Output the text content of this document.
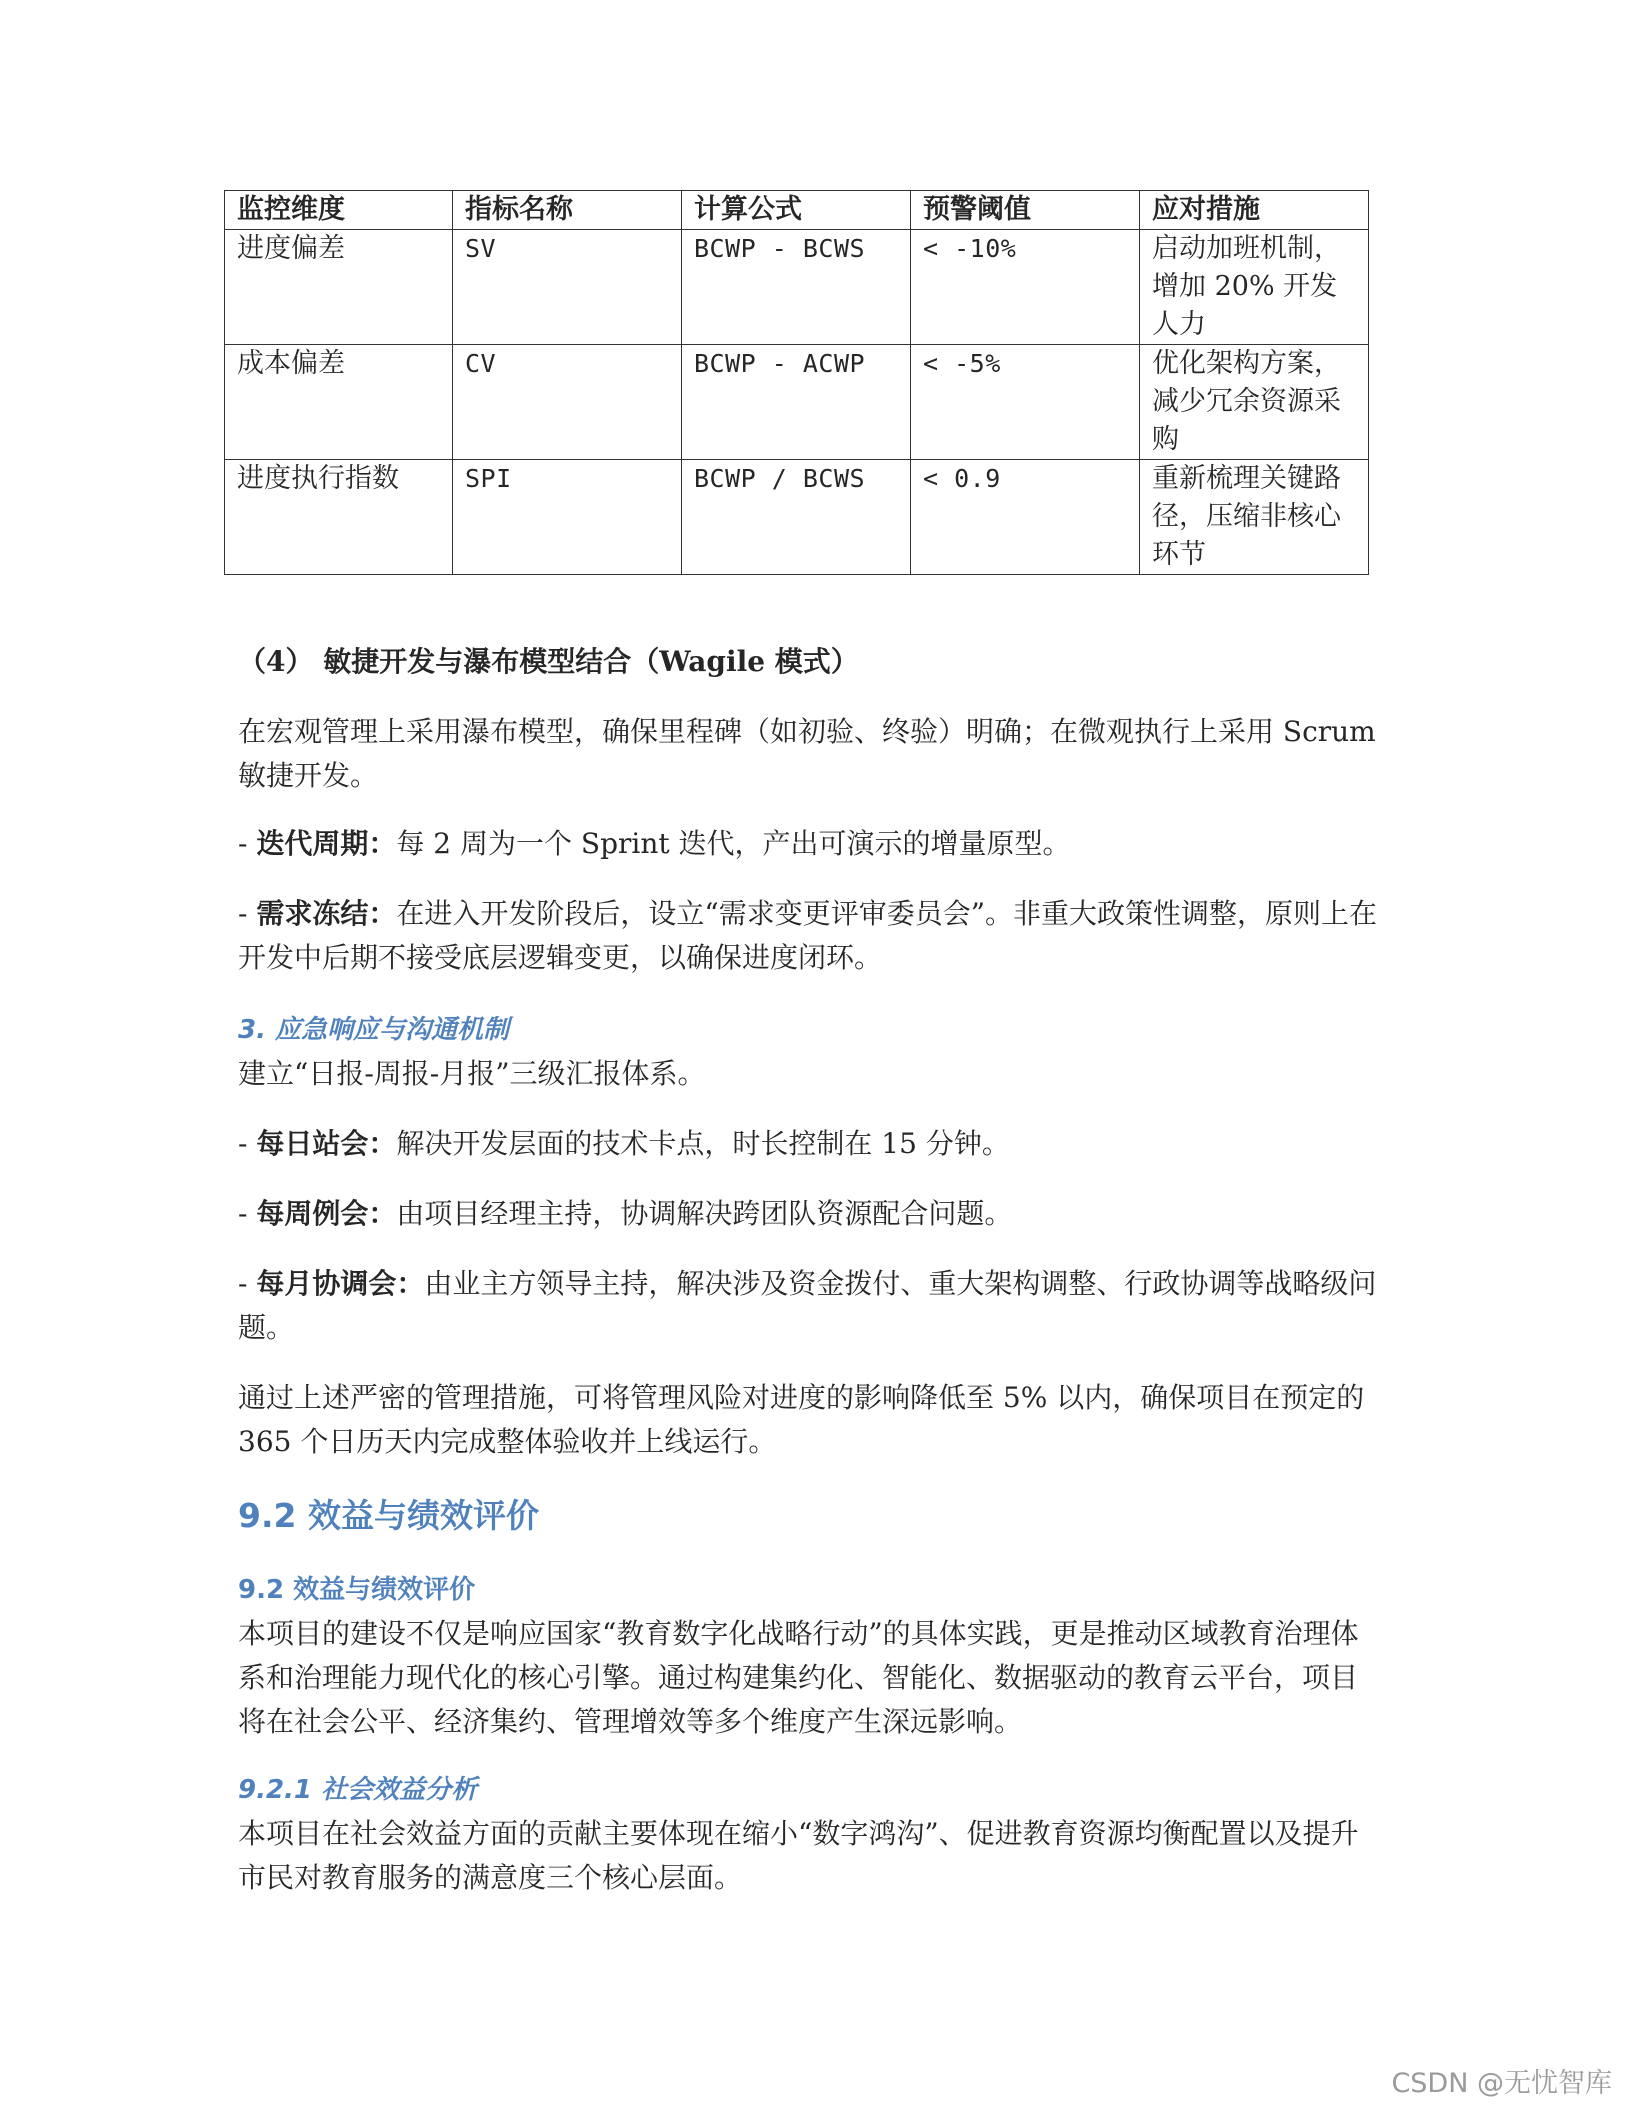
监控维度	指标名称	计算公式	预警阈值	应对措施
进度偏差	SV	BCWP - BCWS	< -10%	启动加班机制，增加 20% 开发人力
成本偏差	CV	BCWP - ACWP	< -5%	优化架构方案，减少冗余资源采购
进度执行指数	SPI	BCWP / BCWS	< 0.9	重新梳理关键路径，压缩非核心环节
（4） 敏捷开发与瀑布模型结合（Wagile 模式）

在宏观管理上采用瀑布模型，确保里程碑（如初验、终验）明确；在微观执行上采用 Scrum 敏捷开发。

- 迭代周期：每 2 周为一个 Sprint 迭代，产出可演示的增量原型。

- 需求冻结：在进入开发阶段后，设立“需求变更评审委员会”。非重大政策性调整，原则上在开发中后期不接受底层逻辑变更，以确保进度闭环。

3. 应急响应与沟通机制

建立“日报-周报-月报”三级汇报体系。

- 每日站会：解决开发层面的技术卡点，时长控制在 15 分钟。

- 每周例会：由项目经理主持，协调解决跨团队资源配合问题。

- 每月协调会：由业主方领导主持，解决涉及资金拨付、重大架构调整、行政协调等战略级问题。

通过上述严密的管理措施，可将管理风险对进度的影响降低至 5% 以内，确保项目在预定的 365 个日历天内完成整体验收并上线运行。

9.2 效益与绩效评价
9.2 效益与绩效评价

本项目的建设不仅是响应国家“教育数字化战略行动”的具体实践，更是推动区域教育治理体系和治理能力现代化的核心引擎。通过构建集约化、智能化、数据驱动的教育云平台，项目将在社会公平、经济集约、管理增效等多个维度产生深远影响。

9.2.1 社会效益分析

本项目在社会效益方面的贡献主要体现在缩小“数字鸿沟”、促进教育资源均衡配置以及提升市民对教育服务的满意度三个核心层面。

CSDN @无忧智库
